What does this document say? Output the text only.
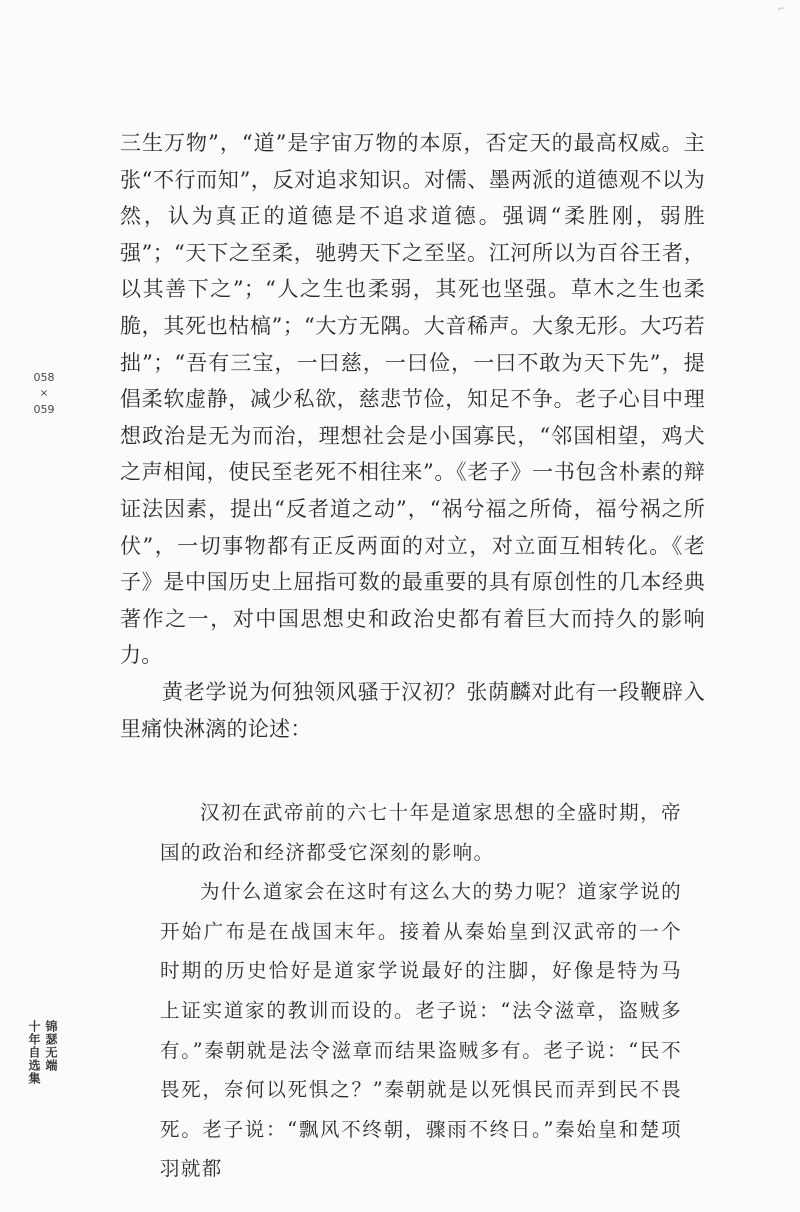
⌐
058
×
059
锦瑟无端
十年自选集

三生万物”，“道”是宇宙万物的本原，否定天的最高权威。主张“不行而知”，反对追求知识。对儒、墨两派的道德观不以为然，认为真正的道德是不追求道德。强调“柔胜刚，弱胜强”；“天下之至柔，驰骋天下之至坚。江河所以为百谷王者，以其善下之”；“人之生也柔弱，其死也坚强。草木之生也柔脆，其死也枯槁”；“大方无隅。大音稀声。大象无形。大巧若拙”；“吾有三宝，一曰慈，一曰俭，一曰不敢为天下先”，提倡柔软虚静，减少私欲，慈悲节俭，知足不争。老子心目中理想政治是无为而治，理想社会是小国寡民，“邻国相望，鸡犬之声相闻，使民至老死不相往来”。《老子》一书包含朴素的辩证法因素，提出“反者道之动”，“祸兮福之所倚，福兮祸之所伏”，一切事物都有正反两面的对立，对立面互相转化。《老子》是中国历史上屈指可数的最重要的具有原创性的几本经典著作之一，对中国思想史和政治史都有着巨大而持久的影响力。

黄老学说为何独领风骚于汉初？张荫麟对此有一段鞭辟入里痛快淋漓的论述：

汉初在武帝前的六七十年是道家思想的全盛时期，帝国的政治和经济都受它深刻的影响。

为什么道家会在这时有这么大的势力呢？道家学说的开始广布是在战国末年。接着从秦始皇到汉武帝的一个时期的历史恰好是道家学说最好的注脚，好像是特为马上证实道家的教训而设的。老子说：“法令滋章，盗贼多有。”秦朝就是法令滋章而结果盗贼多有。老子说：“民不畏死，奈何以死惧之？”秦朝就是以死惧民而弄到民不畏死。老子说：“飘风不终朝，骤雨不终日。”秦始皇和楚项羽就都
